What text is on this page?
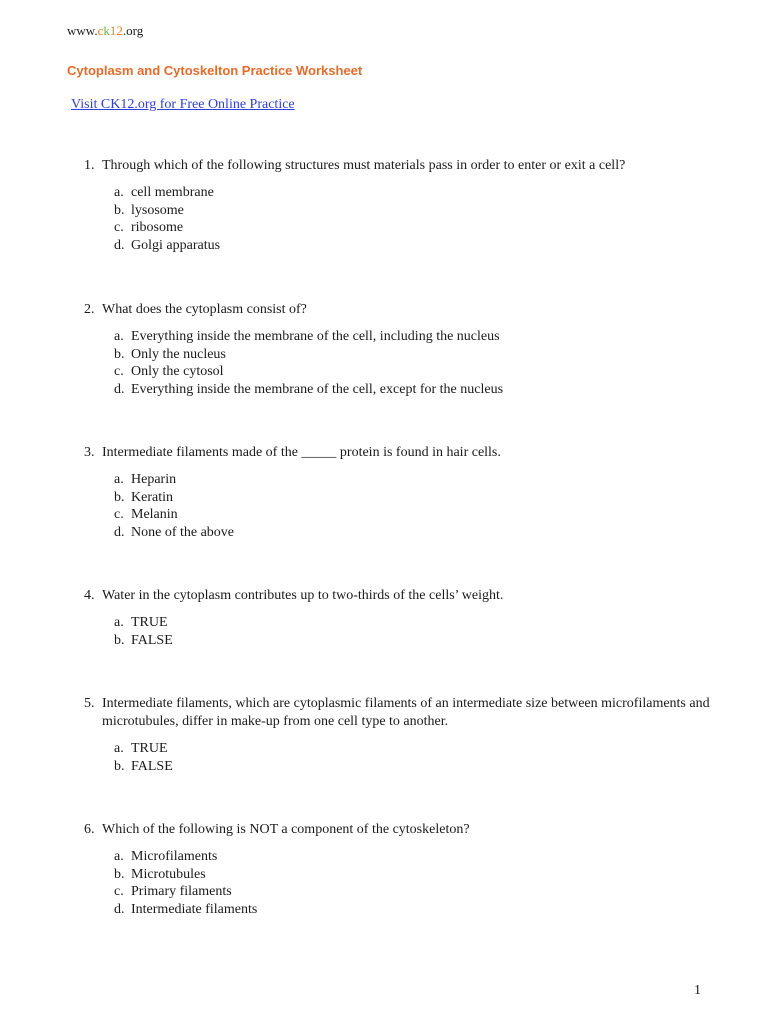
www.ck12.org
Cytoplasm and Cytoskelton Practice Worksheet
Visit CK12.org for Free Online Practice
1. Through which of the following structures must materials pass in order to enter or exit a cell?
a. cell membrane
b. lysosome
c. ribosome
d. Golgi apparatus
2. What does the cytoplasm consist of?
a. Everything inside the membrane of the cell, including the nucleus
b. Only the nucleus
c. Only the cytosol
d. Everything inside the membrane of the cell, except for the nucleus
3. Intermediate filaments made of the _____ protein is found in hair cells.
a. Heparin
b. Keratin
c. Melanin
d. None of the above
4. Water in the cytoplasm contributes up to two-thirds of the cells’ weight.
a. TRUE
b. FALSE
5. Intermediate filaments, which are cytoplasmic filaments of an intermediate size between microfilaments and microtubules, differ in make-up from one cell type to another.
a. TRUE
b. FALSE
6. Which of the following is NOT a component of the cytoskeleton?
a. Microfilaments
b. Microtubules
c. Primary filaments
d. Intermediate filaments
1
